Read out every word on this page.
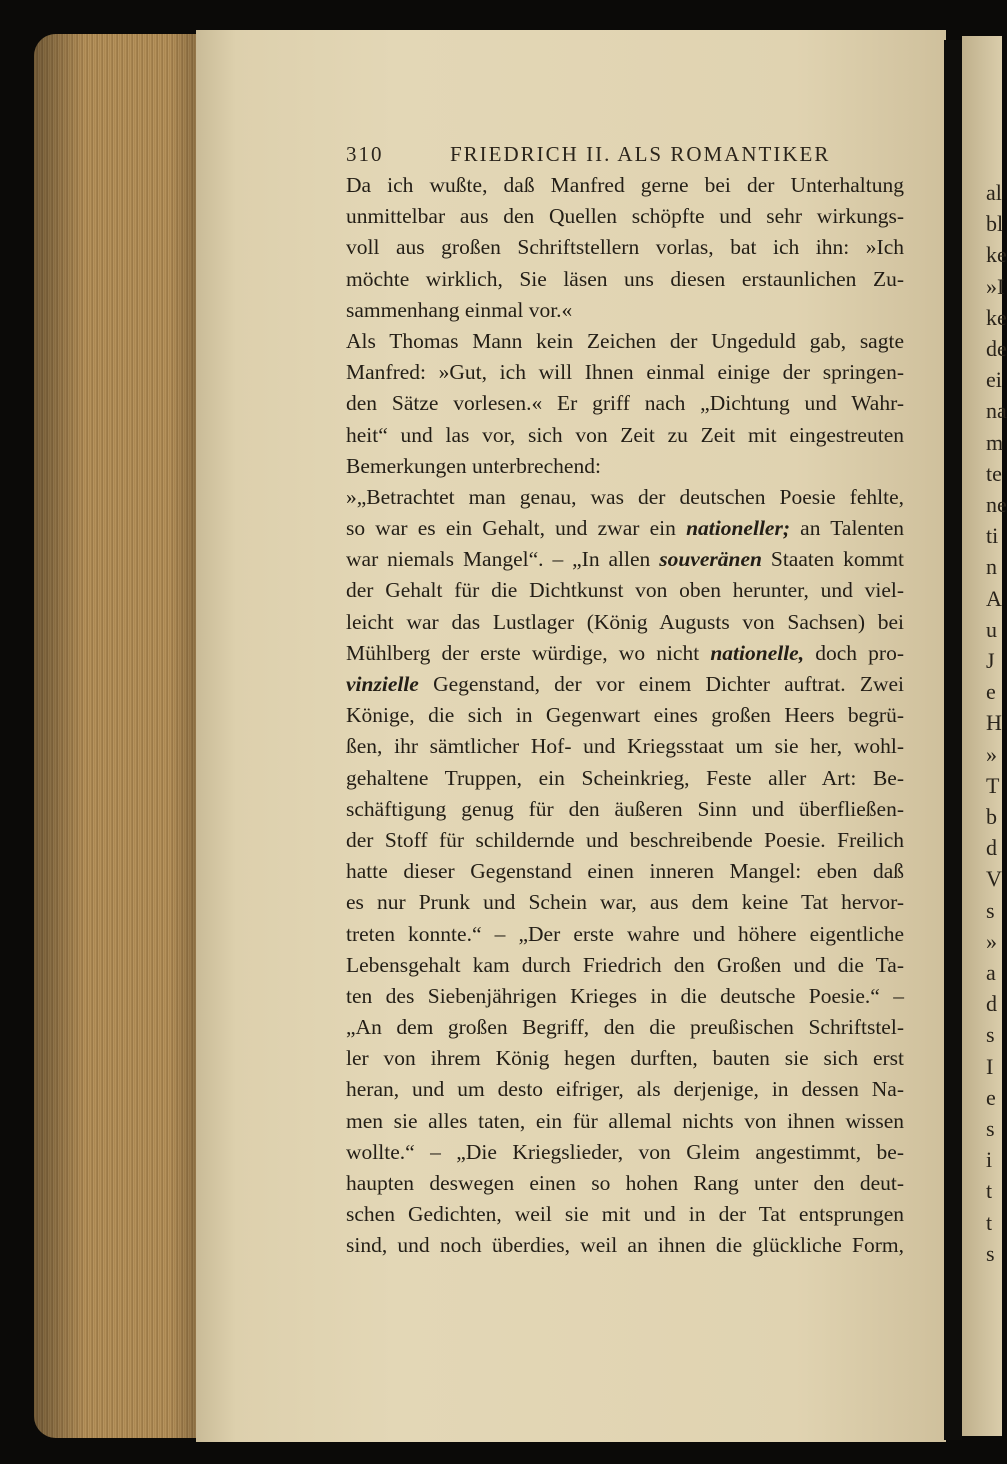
al
bl
ke
»I
ke
de
ei
na
m
te
ne
ti
n
A
u
J
e
H
»
T
b
d
V
s
»
a
d
s
I
e
s
i
t
t
s
310	FRIEDRICH II. ALS ROMANTIKER
Da ich wußte, daß Manfred gerne bei der Unterhaltung
unmittelbar aus den Quellen schöpfte und sehr wirkungs-
voll aus großen Schriftstellern vorlas, bat ich ihn: »Ich
möchte wirklich, Sie läsen uns diesen erstaunlichen Zu-
sammenhang einmal vor.«
Als Thomas Mann kein Zeichen der Ungeduld gab, sagte
Manfred: »Gut, ich will Ihnen einmal einige der springen-
den Sätze vorlesen.« Er griff nach „Dichtung und Wahr-
heit“ und las vor, sich von Zeit zu Zeit mit eingestreuten
Bemerkungen unterbrechend:
»„Betrachtet man genau, was der deutschen Poesie fehlte,
so war es ein Gehalt, und zwar ein nationeller; an Talenten
war niemals Mangel“. – „In allen souveränen Staaten kommt
der Gehalt für die Dichtkunst von oben herunter, und viel-
leicht war das Lustlager (König Augusts von Sachsen) bei
Mühlberg der erste würdige, wo nicht nationelle, doch pro-
vinzielle Gegenstand, der vor einem Dichter auftrat. Zwei
Könige, die sich in Gegenwart eines großen Heers begrü-
ßen, ihr sämtlicher Hof- und Kriegsstaat um sie her, wohl-
gehaltene Truppen, ein Scheinkrieg, Feste aller Art: Be-
schäftigung genug für den äußeren Sinn und überfließen-
der Stoff für schildernde und beschreibende Poesie. Freilich
hatte dieser Gegenstand einen inneren Mangel: eben daß
es nur Prunk und Schein war, aus dem keine Tat hervor-
treten konnte.“ – „Der erste wahre und höhere eigentliche
Lebensgehalt kam durch Friedrich den Großen und die Ta-
ten des Siebenjährigen Krieges in die deutsche Poesie.“ –
„An dem großen Begriff, den die preußischen Schriftstel-
ler von ihrem König hegen durften, bauten sie sich erst
heran, und um desto eifriger, als derjenige, in dessen Na-
men sie alles taten, ein für allemal nichts von ihnen wissen
wollte.“ – „Die Kriegslieder, von Gleim angestimmt, be-
haupten deswegen einen so hohen Rang unter den deut-
schen Gedichten, weil sie mit und in der Tat entsprungen
sind, und noch überdies, weil an ihnen die glückliche Form,
